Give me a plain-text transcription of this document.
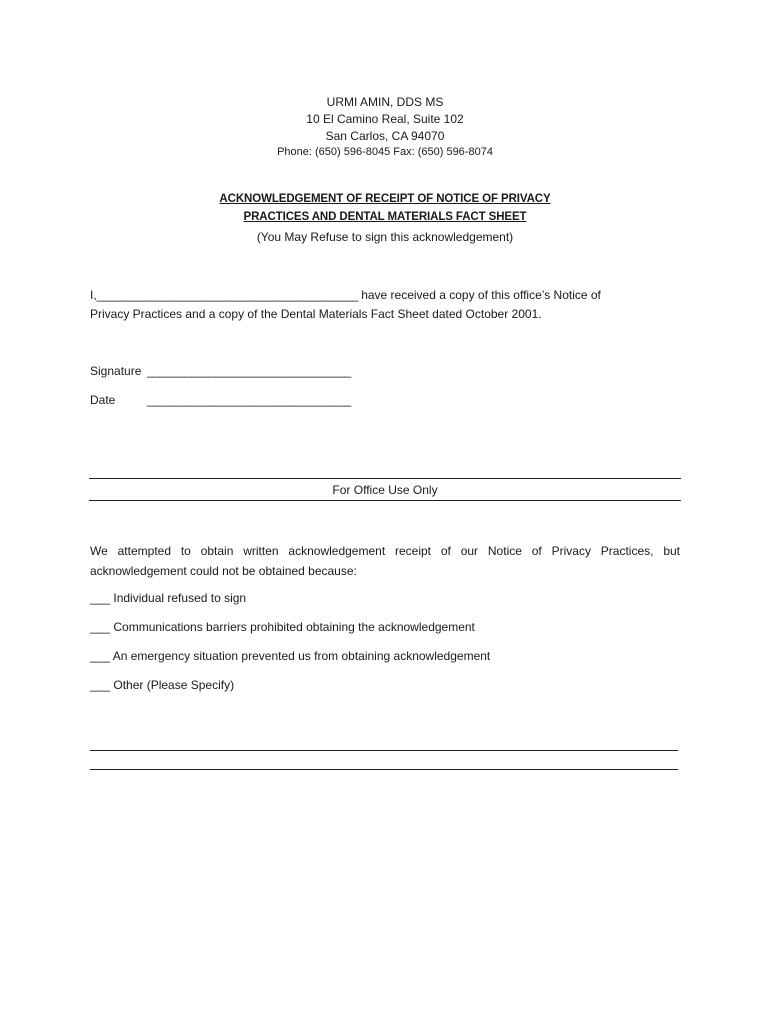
URMI AMIN, DDS MS
10 El Camino Real, Suite 102
San Carlos, CA 94070
Phone: (650) 596-8045 Fax: (650) 596-8074
ACKNOWLEDGEMENT OF RECEIPT OF NOTICE OF PRIVACY
PRACTICES AND DENTAL MATERIALS FACT SHEET
(You May Refuse to sign this acknowledgement)
I,___________________________________________ have received a copy of this office’s Notice of
Privacy Practices and a copy of the Dental Materials Fact Sheet dated October 2001.
Signature _________________________________
Date	_________________________________
For Office Use Only
We attempted to obtain written acknowledgement receipt of our Notice of Privacy Practices, but
acknowledgement could not be obtained because:
___ Individual refused to sign
___ Communications barriers prohibited obtaining the acknowledgement
___ An emergency situation prevented us from obtaining acknowledgement
___ Other (Please Specify)
